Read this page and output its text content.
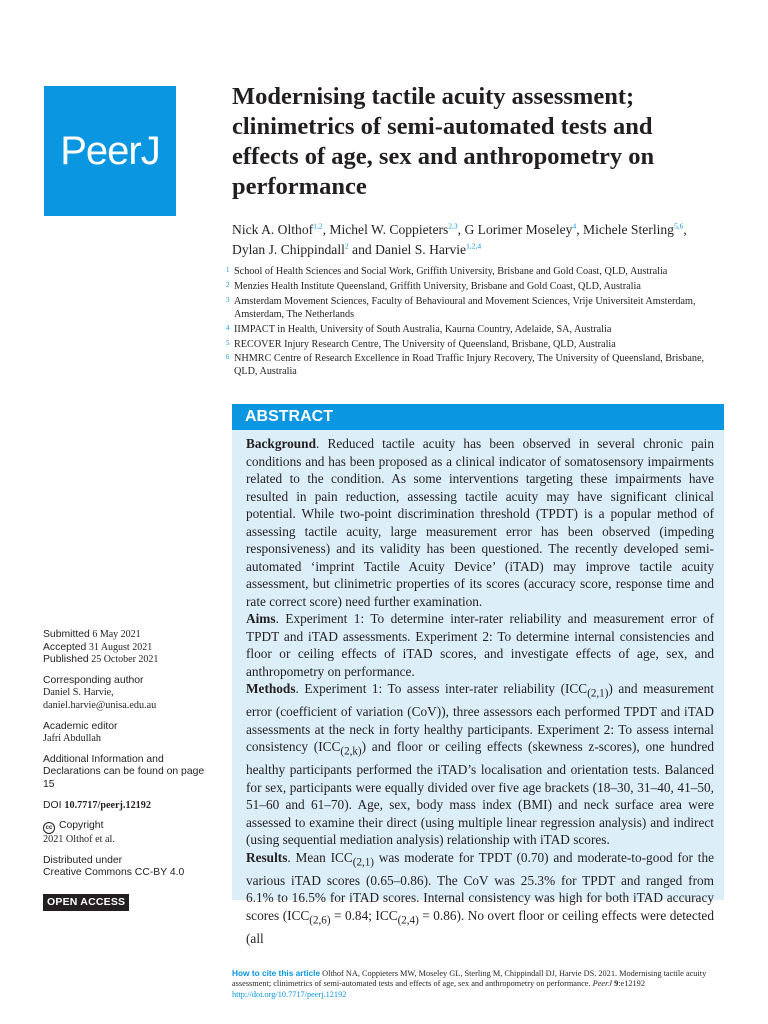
PeerJ
Modernising tactile acuity assessment; clinimetrics of semi-automated tests and effects of age, sex and anthropometry on performance
Nick A. Olthof$^{1,2}$, Michel W. Coppieters$^{2,3}$, G Lorimer Moseley$^4$, Michele Sterling$^{5,6}$, Dylan J. Chippindall$^2$ and Daniel S. Harvie$^{1,2,4}$
1 School of Health Sciences and Social Work, Griffith University, Brisbane and Gold Coast, QLD, Australia
2 Menzies Health Institute Queensland, Griffith University, Brisbane and Gold Coast, QLD, Australia
3 Amsterdam Movement Sciences, Faculty of Behavioural and Movement Sciences, Vrije Universiteit Amsterdam, Amsterdam, The Netherlands
4 IIMPACT in Health, University of South Australia, Kaurna Country, Adelaide, SA, Australia
5 RECOVER Injury Research Centre, The University of Queensland, Brisbane, QLD, Australia
6 NHMRC Centre of Research Excellence in Road Traffic Injury Recovery, The University of Queensland, Brisbane, QLD, Australia
Submitted 6 May 2021
Accepted 31 August 2021
Published 25 October 2021
Corresponding author
Daniel S. Harvie,
daniel.harvie@unisa.edu.au
Academic editor
Jafri Abdullah
Additional Information and Declarations can be found on page 15
DOI 10.7717/peerj.12192
cc Copyright
2021 Olthof et al.
Distributed under
Creative Commons CC-BY 4.0
OPEN ACCESS
ABSTRACT

Background. Reduced tactile acuity has been observed in several chronic pain conditions and has been proposed as a clinical indicator of somatosensory impairments related to the condition. As some interventions targeting these impairments have resulted in pain reduction, assessing tactile acuity may have significant clinical potential. While two-point discrimination threshold (TPDT) is a popular method of assessing tactile acuity, large measurement error has been observed (impeding responsiveness) and its validity has been questioned. The recently developed semi-automated ‘imprint Tactile Acuity Device’ (iTAD) may improve tactile acuity assessment, but clinimetric properties of its scores (accuracy score, response time and rate correct score) need further examination.

Aims. Experiment 1: To determine inter-rater reliability and measurement error of TPDT and iTAD assessments. Experiment 2: To determine internal consistencies and floor or ceiling effects of iTAD scores, and investigate effects of age, sex, and anthropometry on performance.

Methods. Experiment 1: To assess inter-rater reliability $(ICC_{(2,1)})$ and measurement error (coefficient of variation (CoV)), three assessors each performed TPDT and iTAD assessments at the neck in forty healthy participants. Experiment 2: To assess internal consistency $(ICC_{(2,k)})$ and floor or ceiling effects (skewness z-scores), one hundred healthy participants performed the iTAD’s localisation and orientation tests. Balanced for sex, participants were equally divided over five age brackets (18–30, 31–40, 41–50, 51–60 and 61–70). Age, sex, body mass index (BMI) and neck surface area were assessed to examine their direct (using multiple linear regression analysis) and indirect (using sequential mediation analysis) relationship with iTAD scores.

Results. Mean $ICC_{(2,1)}$ was moderate for TPDT (0.70) and moderate-to-good for the various iTAD scores (0.65–0.86). The CoV was 25.3% for TPDT and ranged from 6.1% to 16.5% for iTAD scores. Internal consistency was high for both iTAD accuracy scores ($ICC_{(2,6)} = 0.84$; $ICC_{(2,4)} = 0.86$). No overt floor or ceiling effects were detected (all

How to cite this article Olthof NA, Coppieters MW, Moseley GL, Sterling M, Chippindall DJ, Harvie DS. 2021. Modernising tactile acuity assessment; clinimetrics of semi-automated tests and effects of age, sex and anthropometry on performance. PeerJ 9:e12192
http://doi.org/10.7717/peerj.12192
